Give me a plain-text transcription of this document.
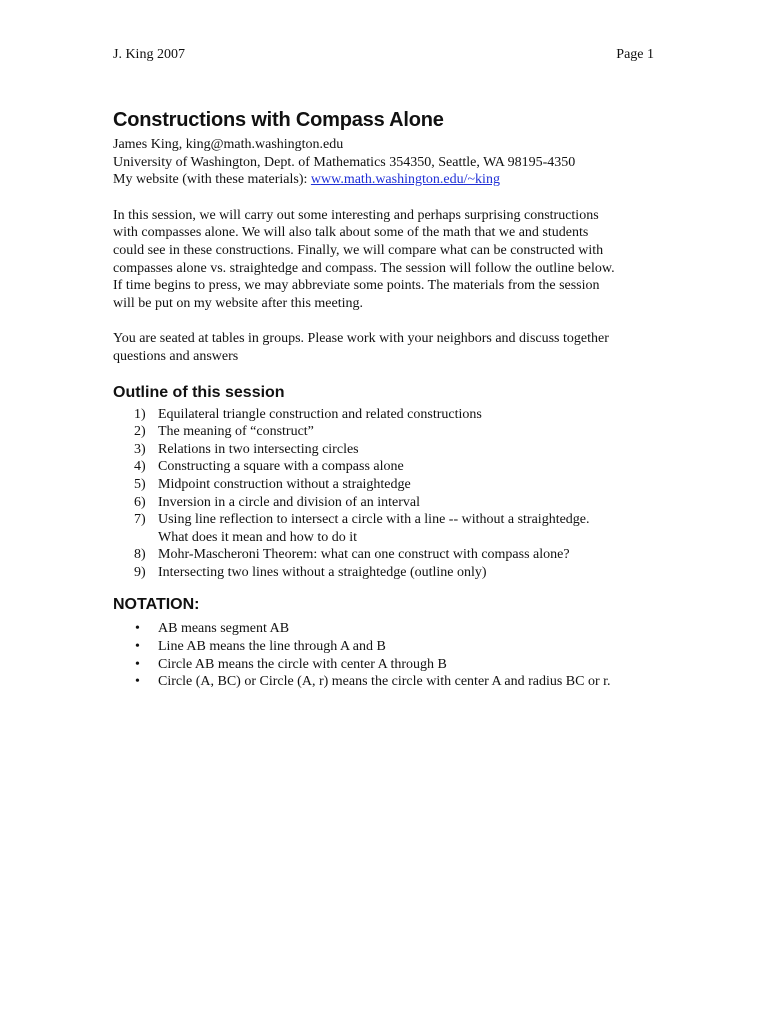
J. King 2007	Page 1
Constructions with Compass Alone
James King, king@math.washington.edu
University of Washington, Dept. of Mathematics 354350, Seattle, WA 98195-4350
My website (with these materials): www.math.washington.edu/~king
In this session, we will carry out some interesting and perhaps surprising constructions
with compasses alone. We will also talk about some of the math that we and students
could see in these constructions. Finally, we will compare what can be constructed with
compasses alone vs. straightedge and compass. The session will follow the outline below.
If time begins to press, we may abbreviate some points. The materials from the session
will be put on my website after this meeting.
You are seated at tables in groups. Please work with your neighbors and discuss together
questions and answers
Outline of this session
1) Equilateral triangle construction and related constructions
2) The meaning of “construct”
3) Relations in two intersecting circles
4) Constructing a square with a compass alone
5) Midpoint construction without a straightedge
6) Inversion in a circle and division of an interval
7) Using line reflection to intersect a circle with a line -- without a straightedge.
What does it mean and how to do it
8) Mohr-Mascheroni Theorem: what can one construct with compass alone?
9) Intersecting two lines without a straightedge (outline only)
NOTATION:
• AB means segment AB
• Line AB means the line through A and B
• Circle AB means the circle with center A through B
• Circle (A, BC) or Circle (A, r) means the circle with center A and radius BC or r.
